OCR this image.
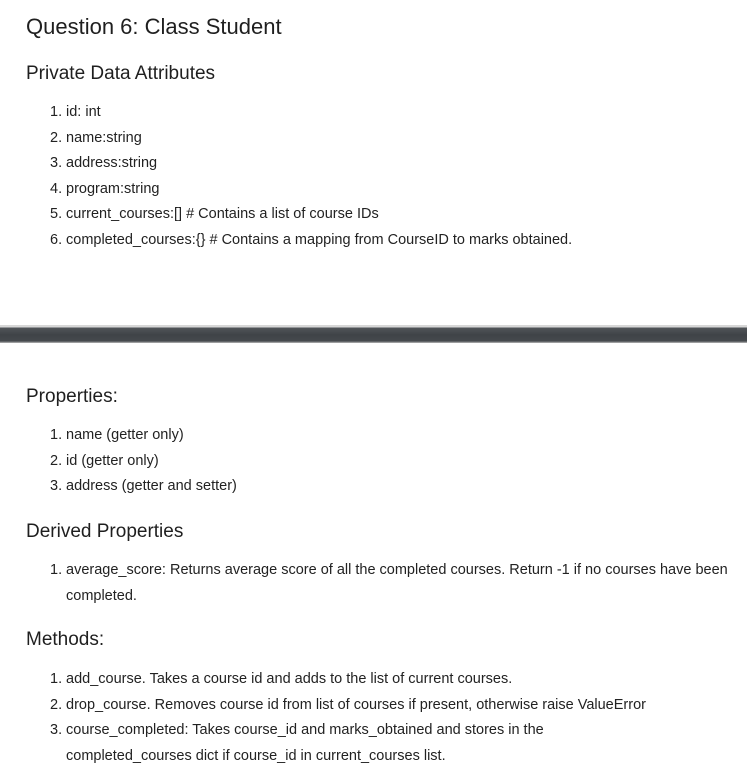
Question 6: Class Student
Private Data Attributes
1. id: int
2. name:string
3. address:string
4. program:string
5. current_courses:[] # Contains a list of course IDs
6. completed_courses:{} # Contains a mapping from CourseID to marks obtained.
Properties:
1. name (getter only)
2. id (getter only)
3. address (getter and setter)
Derived Properties
1. average_score: Returns average score of all the completed courses. Return -1 if no courses have been completed.
Methods:
1. add_course. Takes a course id and adds to the list of current courses.
2. drop_course. Removes course id from list of courses if present, otherwise raise ValueError
3. course_completed: Takes course_id and marks_obtained and stores in the completed_courses dict if course_id in current_courses list.
